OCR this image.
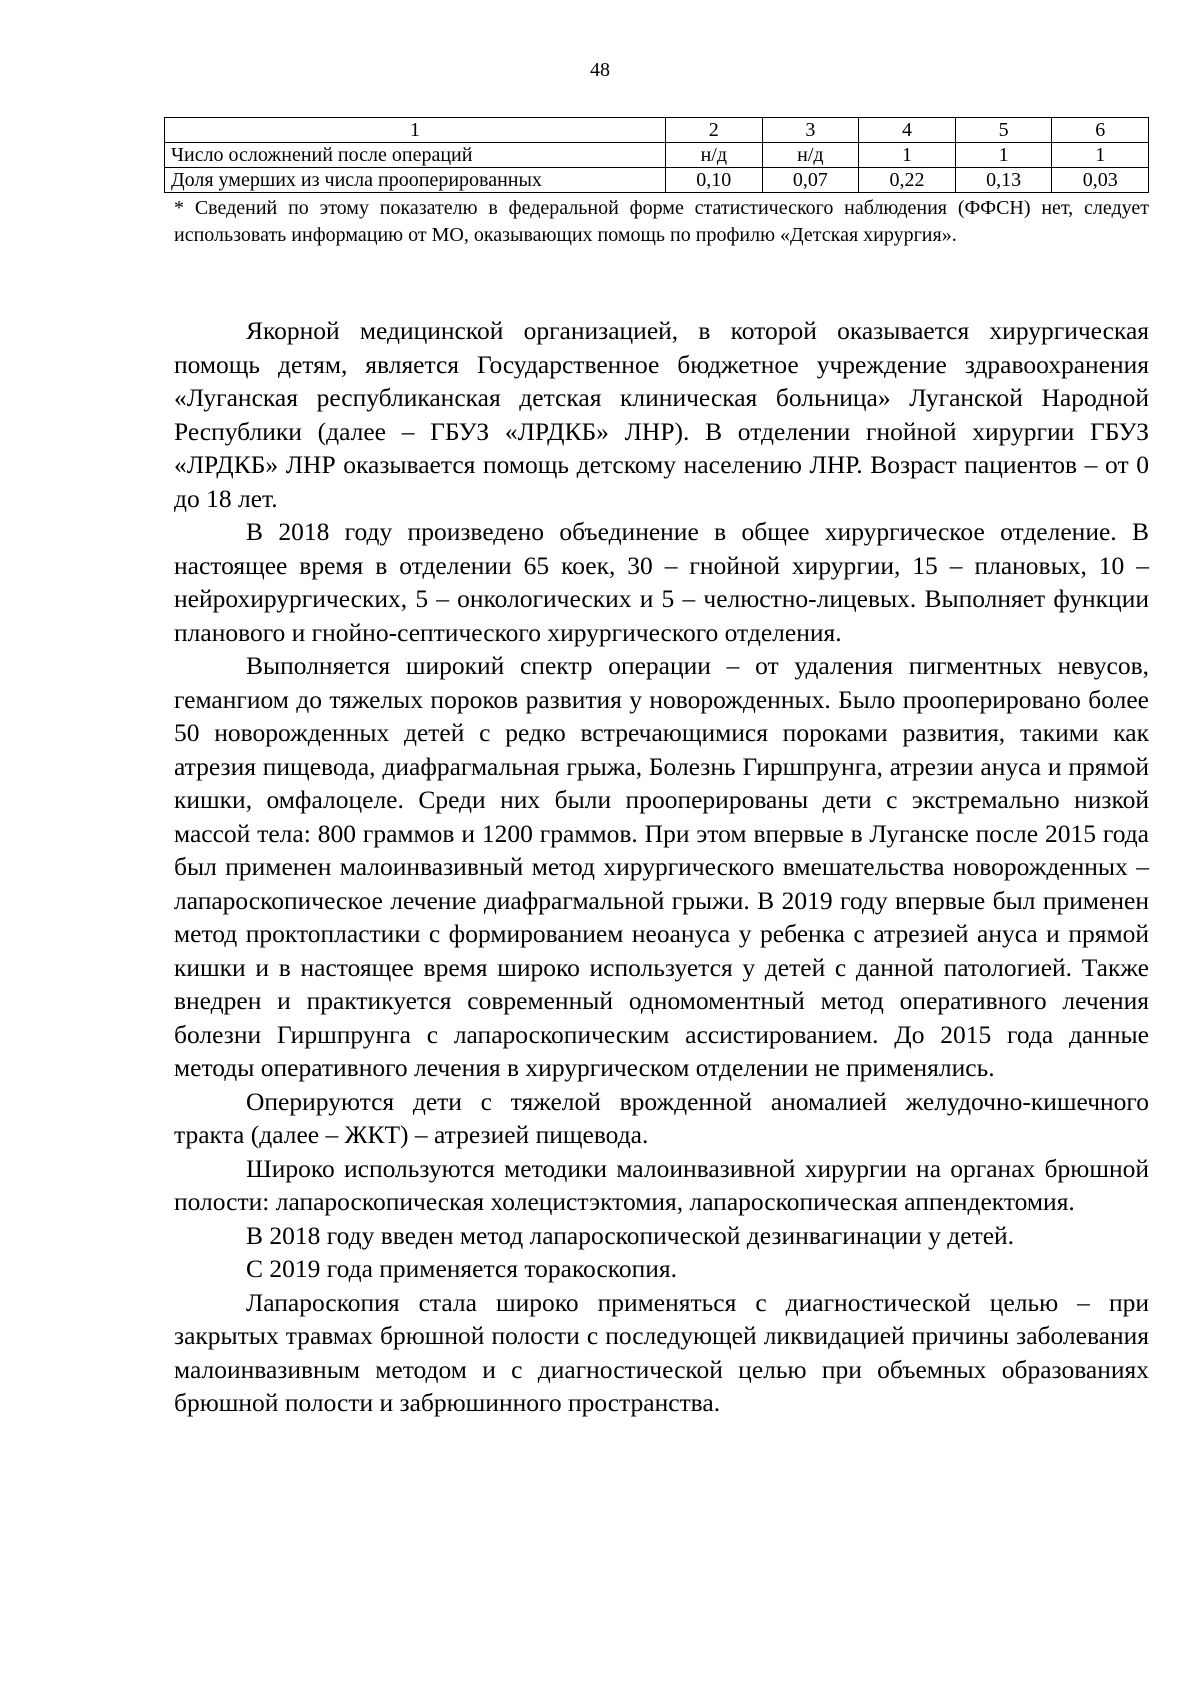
48
1	2	3	4	5	6
Число осложнений после операций	н/д	н/д	1	1	1
Доля умерших из числа прооперированных	0,10	0,07	0,22	0,13	0,03
* Сведений по этому показателю в федеральной форме статистического наблюдения (ФФСН) нет, следует использовать информацию от МО, оказывающих помощь по профилю «Детская хирургия».

Якорной медицинской организацией, в которой оказывается хирургическая помощь детям, является Государственное бюджетное учреждение здравоохранения «Луганская республиканская детская клиническая больница» Луганской Народной Республики (далее – ГБУЗ «ЛРДКБ» ЛНР). В отделении гнойной хирургии ГБУЗ «ЛРДКБ» ЛНР оказывается помощь детскому населению ЛНР. Возраст пациентов – от 0 до 18 лет.

В 2018 году произведено объединение в общее хирургическое отделение. В настоящее время в отделении 65 коек, 30 – гнойной хирургии, 15 – плановых, 10 – нейрохирургических, 5 – онкологических и 5 – челюстно-лицевых. Выполняет функции планового и гнойно-септического хирургического отделения.

Выполняется широкий спектр операции – от удаления пигментных невусов, гемангиом до тяжелых пороков развития у новорожденных. Было прооперировано более 50 новорожденных детей с редко встречающимися пороками развития, такими как атрезия пищевода, диафрагмальная грыжа, Болезнь Гиршпрунга, атрезии ануса и прямой кишки, омфалоцеле. Среди них были прооперированы дети с экстремально низкой массой тела: 800 граммов и 1200 граммов. При этом впервые в Луганске после 2015 года был применен малоинвазивный метод хирургического вмешательства новорожденных – лапароскопическое лечение диафрагмальной грыжи. В 2019 году впервые был применен метод проктопластики с формированием неоануса у ребенка с атрезией ануса и прямой кишки и в настоящее время широко используется у детей с данной патологией. Также внедрен и практикуется современный одномоментный метод оперативного лечения болезни Гиршпрунга с лапароскопическим ассистированием. До 2015 года данные методы оперативного лечения в хирургическом отделении не применялись.

Оперируются дети с тяжелой врожденной аномалией желудочно-кишечного тракта (далее – ЖКТ) – атрезией пищевода.

Широко используются методики малоинвазивной хирургии на органах брюшной полости: лапароскопическая холецистэктомия, лапароскопическая аппендектомия.

В 2018 году введен метод лапароскопической дезинвагинации у детей.

С 2019 года применяется торакоскопия.

Лапароскопия стала широко применяться с диагностической целью – при закрытых травмах брюшной полости с последующей ликвидацией причины заболевания малоинвазивным методом и с диагностической целью при объемных образованиях брюшной полости и забрюшинного пространства.
